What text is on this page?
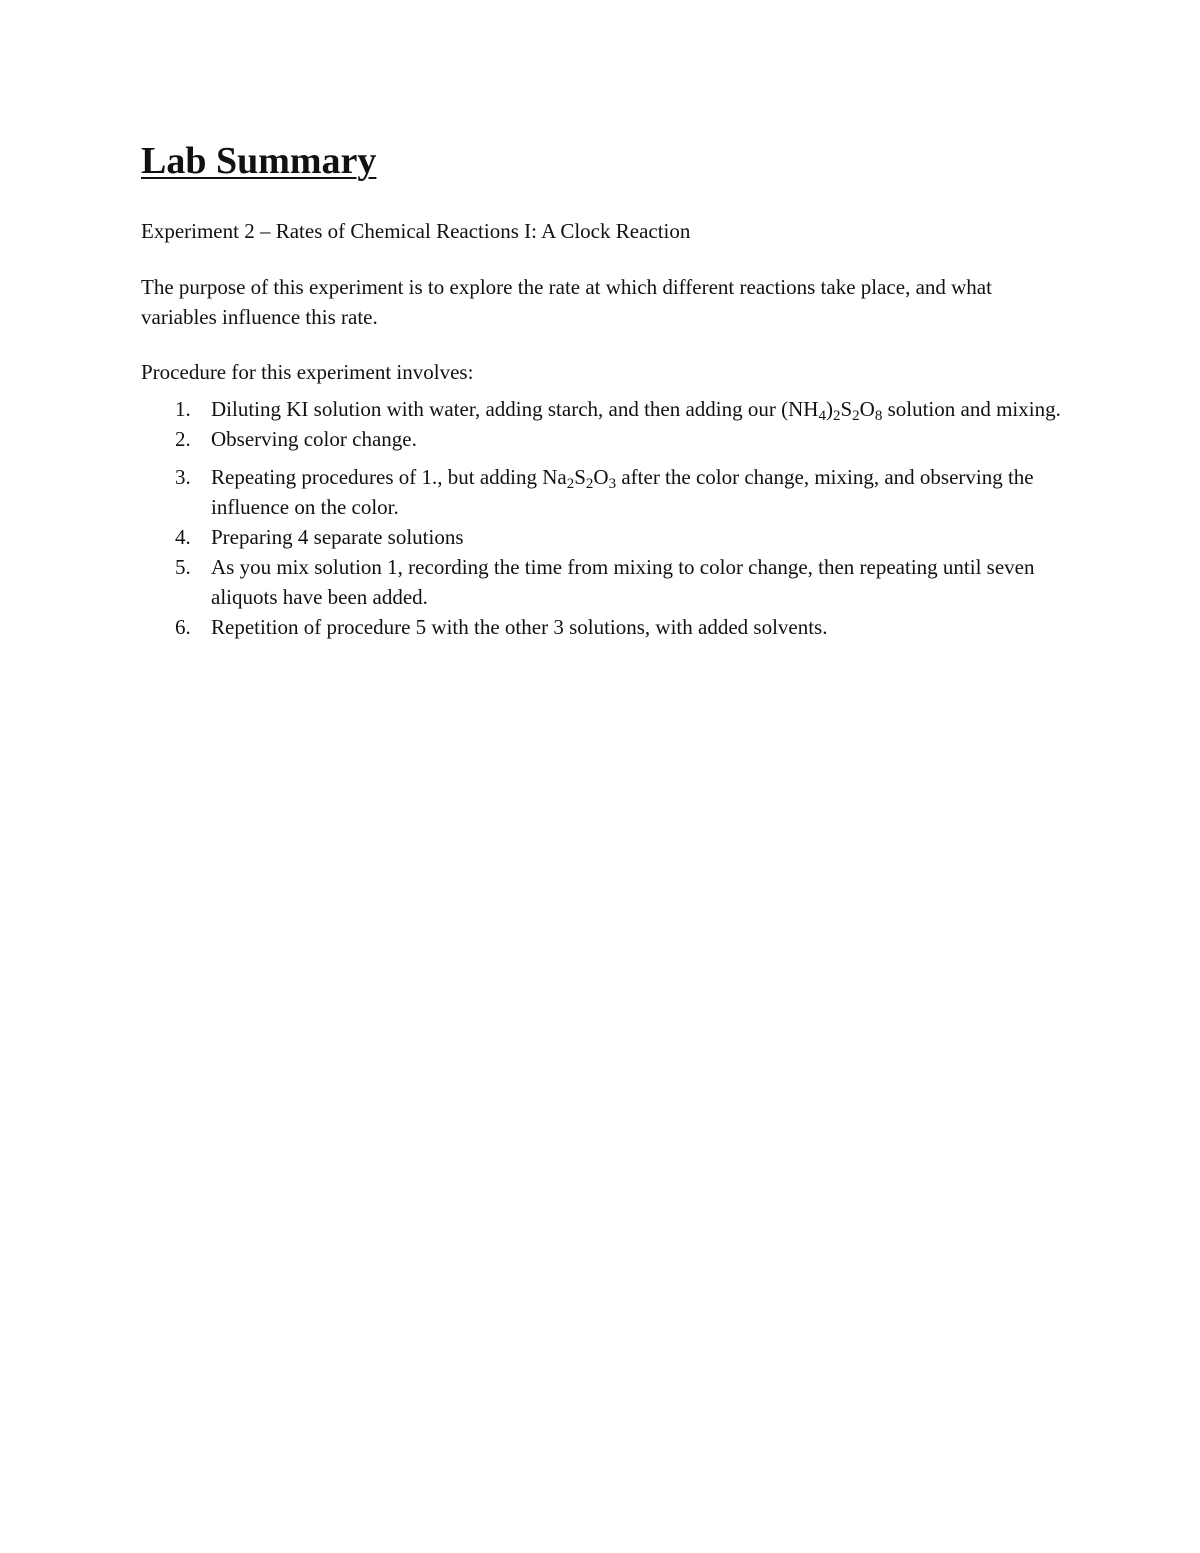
Lab Summary

Experiment 2 – Rates of Chemical Reactions I: A Clock Reaction

The purpose of this experiment is to explore the rate at which different reactions take place, and what variables influence this rate.

Procedure for this experiment involves:

1. Diluting KI solution with water, adding starch, and then adding our $(NH_4)_2S_2O_8$ solution and mixing.
2. Observing color change.
3. Repeating procedures of 1., but adding $Na_2S_2O_3$ after the color change, mixing, and observing the influence on the color.
4. Preparing 4 separate solutions
5. As you mix solution 1, recording the time from mixing to color change, then repeating until seven aliquots have been added.
6. Repetition of procedure 5 with the other 3 solutions, with added solvents.
